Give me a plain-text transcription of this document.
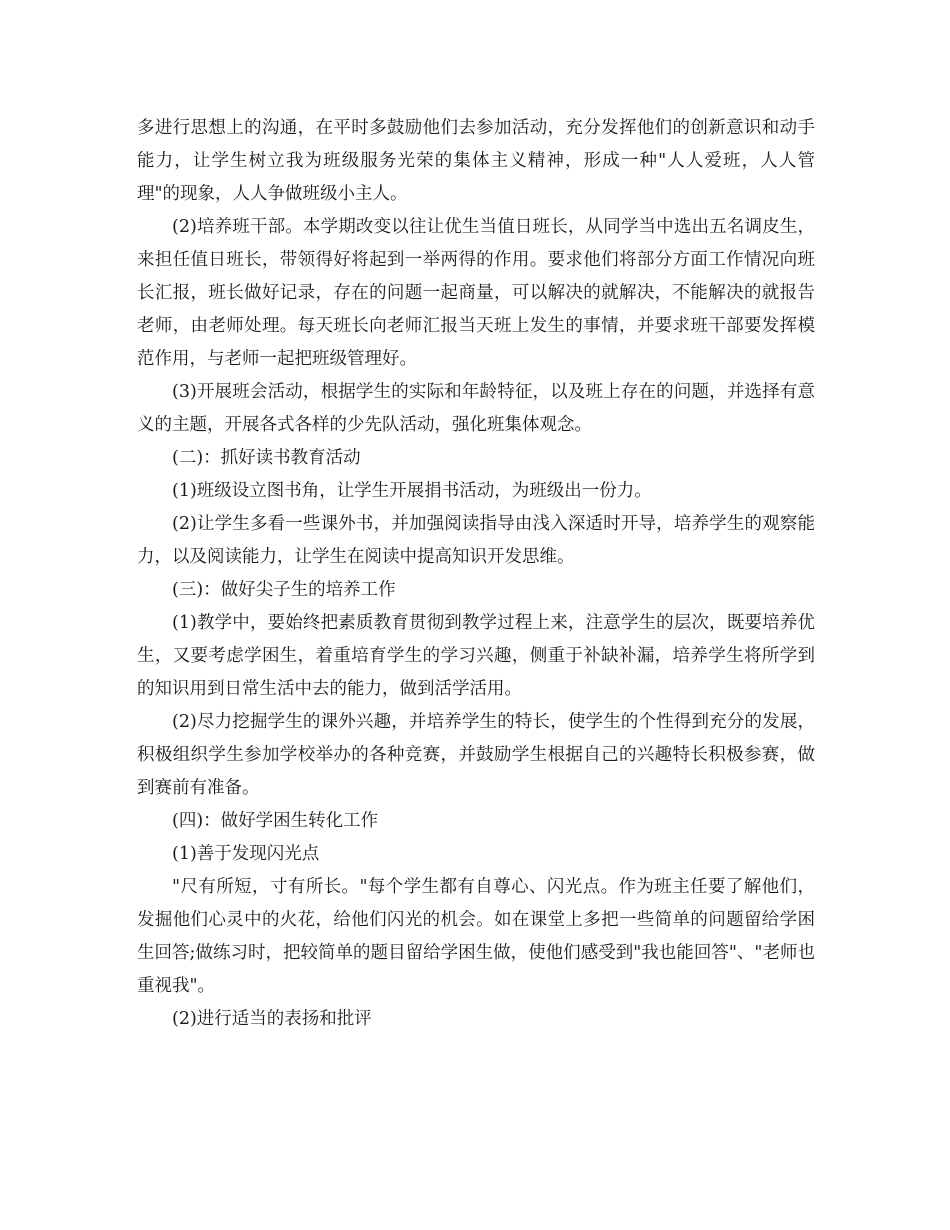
多进行思想上的沟通，在平时多鼓励他们去参加活动，充分发挥他们的创新意识和动手能力，让学生树立我为班级服务光荣的集体主义精神，形成一种"人人爱班，人人管理"的现象，人人争做班级小主人。

(2)培养班干部。本学期改变以往让优生当值日班长，从同学当中选出五名调皮生，来担任值日班长，带领得好将起到一举两得的作用。要求他们将部分方面工作情况向班长汇报，班长做好记录，存在的问题一起商量，可以解决的就解决，不能解决的就报告老师，由老师处理。每天班长向老师汇报当天班上发生的事情，并要求班干部要发挥模范作用，与老师一起把班级管理好。

(3)开展班会活动，根据学生的实际和年龄特征，以及班上存在的问题，并选择有意义的主题，开展各式各样的少先队活动，强化班集体观念。

(二)：抓好读书教育活动

(1)班级设立图书角，让学生开展捐书活动，为班级出一份力。

(2)让学生多看一些课外书，并加强阅读指导由浅入深适时开导，培养学生的观察能力，以及阅读能力，让学生在阅读中提高知识开发思维。

(三)：做好尖子生的培养工作

(1)教学中，要始终把素质教育贯彻到教学过程上来，注意学生的层次，既要培养优生，又要考虑学困生，着重培育学生的学习兴趣，侧重于补缺补漏，培养学生将所学到的知识用到日常生活中去的能力，做到活学活用。

(2)尽力挖掘学生的课外兴趣，并培养学生的特长，使学生的个性得到充分的发展，积极组织学生参加学校举办的各种竞赛，并鼓励学生根据自己的兴趣特长积极参赛，做到赛前有准备。

(四)：做好学困生转化工作

(1)善于发现闪光点

"尺有所短，寸有所长。"每个学生都有自尊心、闪光点。作为班主任要了解他们，发掘他们心灵中的火花，给他们闪光的机会。如在课堂上多把一些简单的问题留给学困生回答;做练习时，把较简单的题目留给学困生做，使他们感受到"我也能回答"、"老师也重视我"。

(2)进行适当的表扬和批评
